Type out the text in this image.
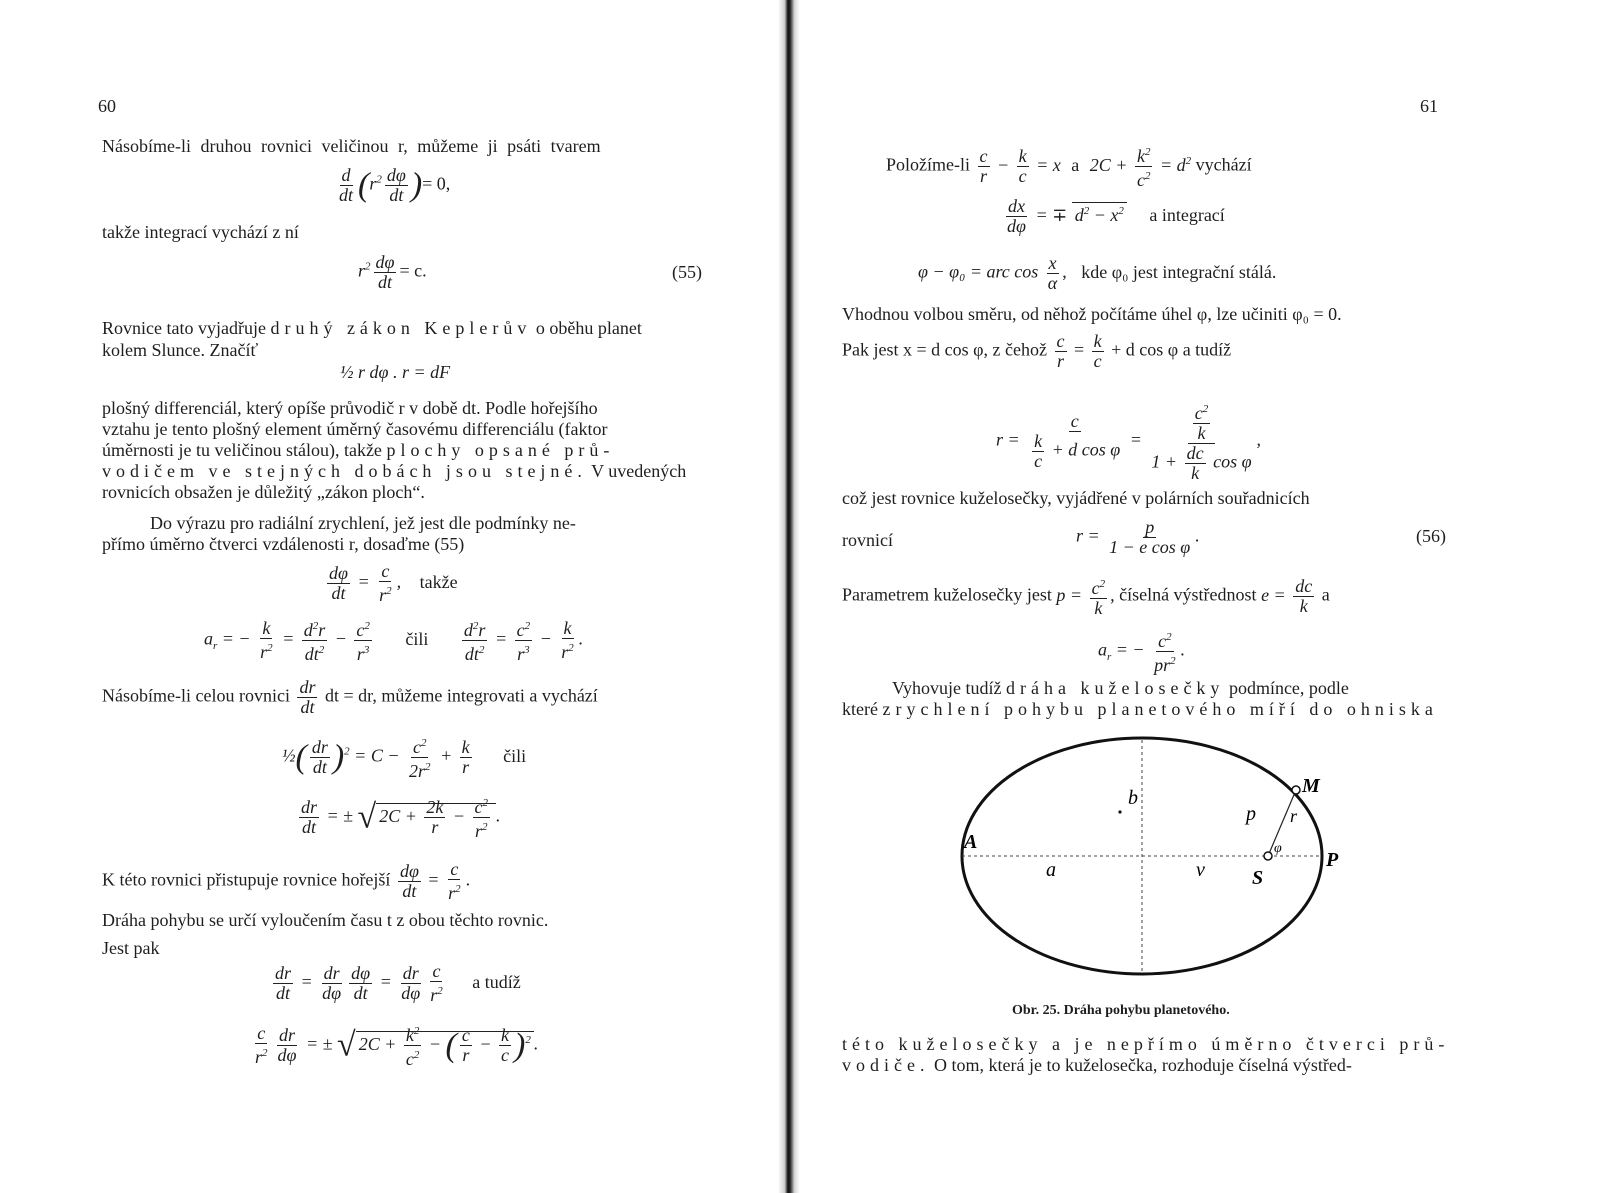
60
Násobíme-li druhou rovnici veličinou r, můžeme ji psáti tvarem
$\frac{d}{dt} (r^2 \frac{d\varphi}{dt}$ )= 0,
takže integrací vychází z ní
$r^2 \frac{d\varphi}{dt} = c$.	(55)
Rovnice tato vyjadřuje druhý zákon Keplerův o oběhu planet
kolem Slunce. Značíť
½ r dφ . r = dF
plošný differenciál, který opíše průvodič r v době dt. Podle hořejšího
vztahu je tento plošný element úměrný časovému differenciálu (faktor
úměrnosti je tu veličinou stálou), takže plochy opsané prů-
vodičem ve stejných dobách jsou stejné. V uvedených
rovnicích obsažen je důležitý „zákon ploch“.
Do výrazu pro radiální zrychlení, jež jest dle podmínky ne-
přímo úměrno čtverci vzdálenosti r, dosaďme (55)
$\frac{d\varphi}{dt} = \frac{c}{r^2}$ , takže
$a_r$ = − $\frac{k}{r^2} = \frac{d^2r}{dt^2} - \frac{c^2}{r^3}$ čili $\frac{d^2r}{dt^2} = \frac{c^2}{r^3} - \frac{k}{r^2}$ .
Násobíme-li celou rovnici $\frac{dr}{dt}$ dt = dr, můžeme integrovati a vychází
½( $\frac{dr}{dt} )^2 = C - \frac{c^2}{2r^2} + \frac{k}{r}$ čili
$\frac{dr}{dt}$ = ± √ $2C + \frac{2k}{r} - \frac{c^2}{r^2}$ .
K této rovnici přistupuje rovnice hořejší $\frac{d\varphi}{dt} = \frac{c}{r^2}$ .
Dráha pohybu se určí vyloučením času t z obou těchto rovnic.
Jest pak
$\frac{dr}{dt} = \frac{dr}{d\varphi} \frac{d\varphi}{dt} = \frac{dr}{d\varphi} \frac{c}{r^2}$ a tudíž
$\frac{c}{r^2} \frac{dr}{d\varphi}$ = ± √ $2C + \frac{k^2}{c^2}$ − ( $\frac{c}{r} - \frac{k}{c} )^2$ .
61
Položíme-li $\frac{c}{r} - \frac{k}{c} = x$ a $2C + \frac{k^2}{c^2} = d^2$ vychází
$\frac{dx}{d\varphi}$ = ∓ $d^2 - x^2$ a integrací
φ − φ₀ = arc $\cos \frac{x}{\alpha}$ , kde φ₀ jest integrační stálá.
Vhodnou volbou směru, od něhož počítáme úhel φ, lze učiniti φ₀ = 0.
Pak jest x = d cos φ, z čehož $\frac{c}{r} = \frac{k}{c} + d$ cos φ a tudíž
$r = \frac{c}{\frac{k}{c} + d \cos \varphi} = \frac{\frac{c^2}{k}}{1 + \frac{dc}{k} \cos \varphi}$ ,
což jest rovnice kuželosečky, vyjádřené v polárních souřadnicích
rovnicí	$r = \frac{p}{\text{1 − e cos φ}}$ .	(56)
Parametrem kuželosečky jest $p = \frac{c^2}{k}$ , číselná výstřednost $e = \frac{dc}{k}$ a
$a_r$ = − $\frac{c^2}{pr^2}$ .
Vyhovuje tudíž dráha kuželosečky podmínce, podle
které zrychlení pohybu planetového míří do ohniska
A
P
M
S
a
b
v
p r
φ
Obr. 25. Dráha pohybu planetového.
této kuželosečky a je nepřímo úměrno čtverci prů-
vodiče. O tom, která je to kuželosečka, rozhoduje číselná výstřed-
